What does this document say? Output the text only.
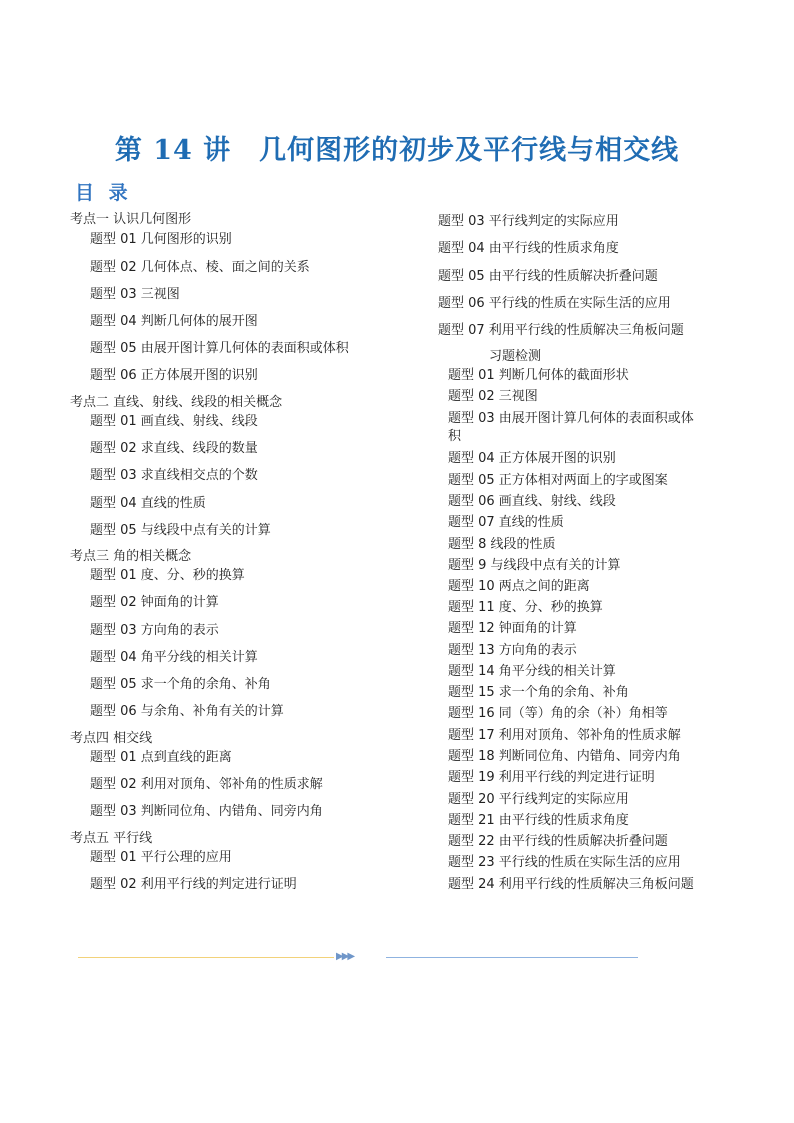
第 14 讲　几何图形的初步及平行线与相交线
目 录
考点一 认识几何图形
题型 01 几何图形的识别
题型 02 几何体点、棱、面之间的关系
题型 03 三视图
题型 04 判断几何体的展开图
题型 05 由展开图计算几何体的表面积或体积
题型 06 正方体展开图的识别
考点二 直线、射线、线段的相关概念
题型 01 画直线、射线、线段
题型 02 求直线、线段的数量
题型 03 求直线相交点的个数
题型 04 直线的性质
题型 05 与线段中点有关的计算
考点三 角的相关概念
题型 01 度、分、秒的换算
题型 02 钟面角的计算
题型 03 方向角的表示
题型 04 角平分线的相关计算
题型 05 求一个角的余角、补角
题型 06 与余角、补角有关的计算
考点四 相交线
题型 01 点到直线的距离
题型 02 利用对顶角、邻补角的性质求解
题型 03 判断同位角、内错角、同旁内角
考点五 平行线
题型 01 平行公理的应用
题型 02 利用平行线的判定进行证明
题型 03 平行线判定的实际应用
题型 04 由平行线的性质求角度
题型 05 由平行线的性质解决折叠问题
题型 06 平行线的性质在实际生活的应用
题型 07 利用平行线的性质解决三角板问题
习题检测
题型 01 判断几何体的截面形状
题型 02 三视图
题型 03 由展开图计算几何体的表面积或体
积
题型 04 正方体展开图的识别
题型 05 正方体相对两面上的字或图案
题型 06 画直线、射线、线段
题型 07 直线的性质
题型 8 线段的性质
题型 9 与线段中点有关的计算
题型 10 两点之间的距离
题型 11 度、分、秒的换算
题型 12 钟面角的计算
题型 13 方向角的表示
题型 14 角平分线的相关计算
题型 15 求一个角的余角、补角
题型 16 同（等）角的余（补）角相等
题型 17 利用对顶角、邻补角的性质求解
题型 18 判断同位角、内错角、同旁内角
题型 19 利用平行线的判定进行证明
题型 20 平行线判定的实际应用
题型 21 由平行线的性质求角度
题型 22 由平行线的性质解决折叠问题
题型 23 平行线的性质在实际生活的应用
题型 24 利用平行线的性质解决三角板问题
▶▶▶
